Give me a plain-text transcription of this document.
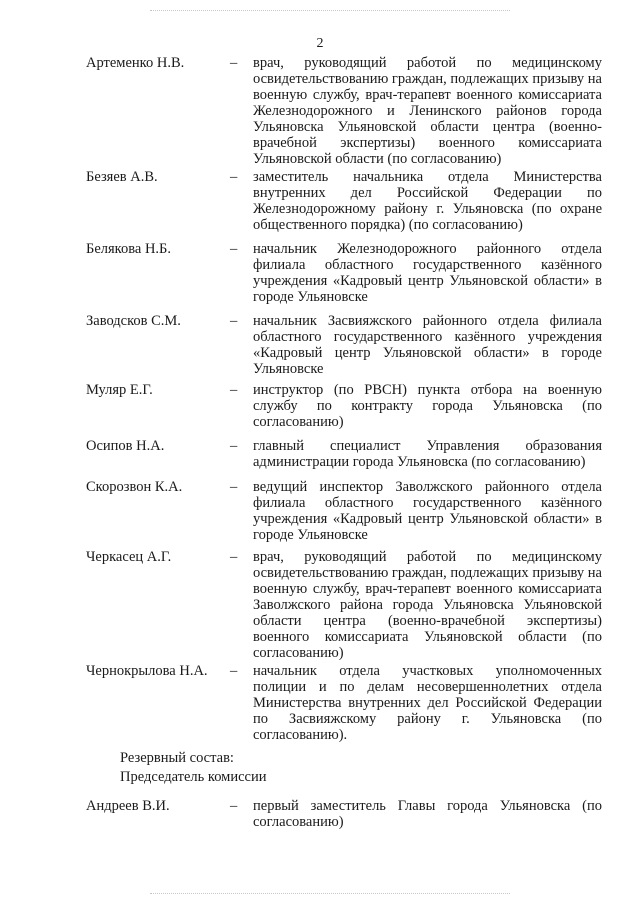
2
Артеменко Н.В.	– врач, руководящий работой по медицинскому освидетельствованию граждан, подлежащих призыву на военную службу, врач-терапевт военного комиссариата Железнодорожного и Ленинского районов города Ульяновска Ульяновской области центра (военно-врачебной экспертизы) военного комиссариата Ульяновской области (по согласованию)
Безяев А.В.	– заместитель начальника отдела Министерства внутренних дел Российской Федерации по Железнодорожному району г. Ульяновска (по охране общественного порядка) (по согласованию)
Белякова Н.Б.	– начальник Железнодорожного районного отдела филиала областного государственного казённого учреждения «Кадровый центр Ульяновской области» в городе Ульяновске
Заводсков С.М.	– начальник Засвияжского районного отдела филиала областного государственного казённого учреждения «Кадровый центр Ульяновской области» в городе Ульяновске
Муляр Е.Г.	– инструктор (по РВСН) пункта отбора на военную службу по контракту города Ульяновска (по согласованию)
Осипов Н.А.	– главный специалист Управления образования администрации города Ульяновска (по согласованию)
Скорозвон К.А.	– ведущий инспектор Заволжского районного отдела филиала областного государственного казённого учреждения «Кадровый центр Ульяновской области» в городе Ульяновске
Черкасец А.Г.	– врач, руководящий работой по медицинскому освидетельствованию граждан, подлежащих призыву на военную службу, врач-терапевт военного комиссариата Заволжского района города Ульяновска Ульяновской области центра (военно-врачебной экспертизы) военного комиссариата Ульяновской области (по согласованию)
Чернокрылова Н.А. – начальник отдела участковых уполномоченных полиции и по делам несовершеннолетних отдела Министерства внутренних дел Российской Федерации по Засвияжскому району г. Ульяновска (по согласованию).
Резервный состав:
Председатель комиссии
Андреев В.И.	– первый заместитель Главы города Ульяновска (по согласованию)
